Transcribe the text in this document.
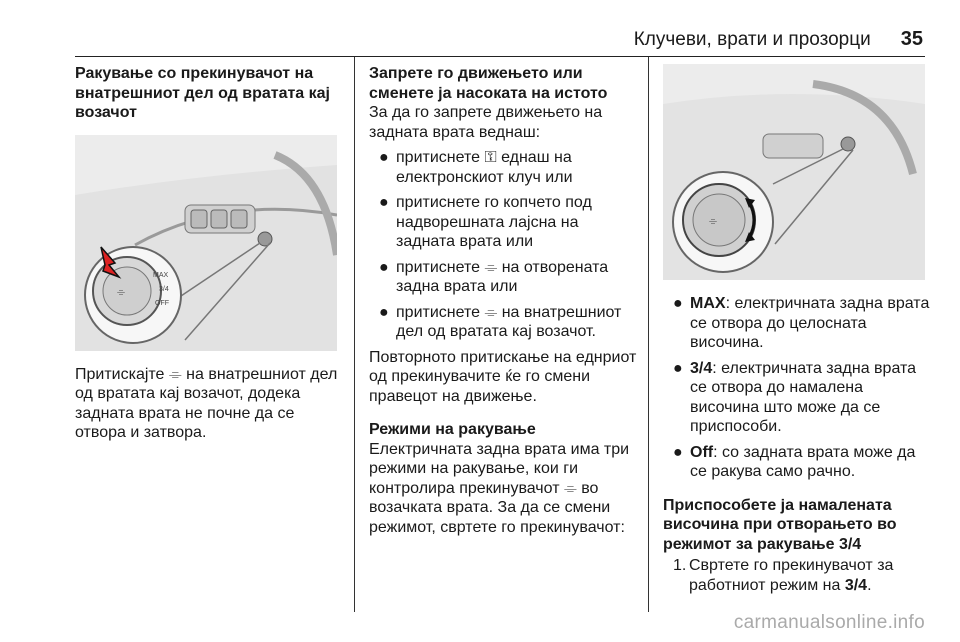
Клучеви, врати и прозорци 35
Ракување со прекинувачот на внатрешниот дел од вратата кај возачот
⌯
MAX
3/4
OFF

Притискајте ⌯ на внатрешниот дел од вратата кај возачот, додека задната врата не почне да се отвора и затвора.

Запрете го движењето или сменете ја насоката на истото

За да го запрете движењето на задната врата веднаш:

● притиснете ⚿ еднаш на електронскиот клуч или
● притиснете го копчето под надворешната лајсна на задната врата или
● притиснете ⌯ на отворената задна врата или
● притиснете ⌯ на внатрешниот дел од вратата кај возачот.

Повторното притискање на еднриот од прекинувачите ќе го смени правецот на движење.

Режими на ракување

Електричната задна врата има три режими на ракување, кои ги контролира прекинувачот ⌯ во возачката врата. За да се смени режимот, свртете го прекинувачот:

⌯
● MAX: електричната задна врата се отвора до целосната височина.
● 3/4: електричната задна врата се отвора до намалена височина што може да се приспособи.
● Off: со задната врата може да се ракува само рачно.
Приспособете ја намалената височина при отворањето во режимот за ракување 3/4
1. Свртете го прекинувачот за работниот режим на 3/4.
carmanualsonline.info
